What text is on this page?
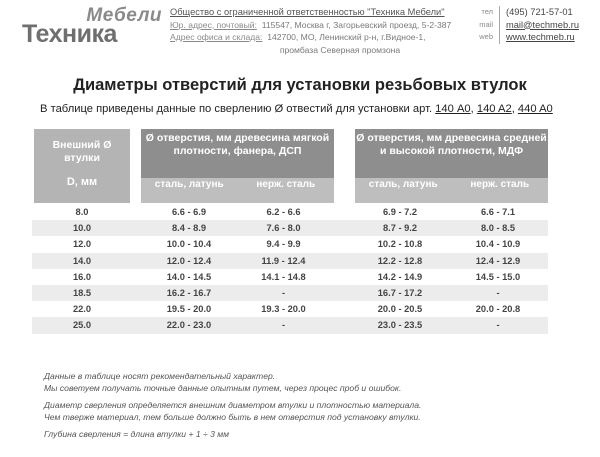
Мебели
Техника
Общество с ограниченной ответственностью "Техника Мебели"
Юр. адрес, почтовый: 115547, Москва г, Загорьевский проезд, 5-2-387
Адрес офиса и склада: 142700, МО, Ленинский р-н, г.Видное-1,
промбаза Северная промзона
тел	(495) 721-57-01
mail	mail@techmeb.ru
web	www.techmeb.ru
Диаметры отверстий для установки резьбовых втулок
В таблице приведены данные по сверлению Ø отвестий для установки арт. 140 A0, 140 A2, 440 A0
Внешний Ø втулки
D, мм
Ø отверстия, мм древесина мягкой плотности, фанера, ДСП
сталь, латунь	нерж. сталь
Ø отверстия, мм древесина средней и высокой плотности, МДФ
сталь, латунь	нерж. сталь
8.0	6.6 - 6.9	6.2 - 6.6	6.9 - 7.2	6.6 - 7.1
10.0	8.4 - 8.9	7.6 - 8.0	8.7 - 9.2	8.0 - 8.5
12.0	10.0 - 10.4	9.4 - 9.9	10.2 - 10.8	10.4 - 10.9
14.0	12.0 - 12.4	11.9 - 12.4	12.2 - 12.8	12.4 - 12.9
16.0	14.0 - 14.5	14.1 - 14.8	14.2 - 14.9	14.5 - 15.0
18.5	16.2 - 16.7	-	16.7 - 17.2	-
22.0	19.5 - 20.0	19.3 - 20.0	20.0 - 20.5	20.0 - 20.8
25.0	22.0 - 23.0	-	23.0 - 23.5	-

Данные в таблице носят рекомендательный характер.
Мы советуем получать точные данные опытным путем, через процес проб и ошибок.

Диаметр сверления определяется внешним диаметром втулки и плотностью материала.
Чем тверже материал, тем больше должно быть в нем отверстия под установку втулки.

Глубина сверления = длина втулки + 1 ÷ 3 мм
